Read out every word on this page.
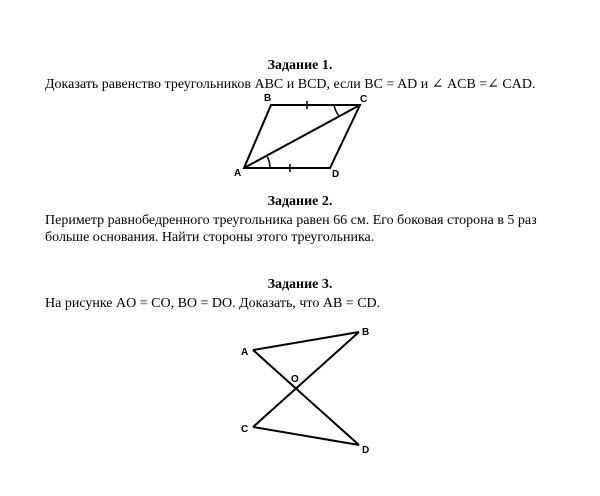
Задание 1.
Доказать равенство треугольников ABC и BCD, если BC = AD и ∠ ACB =∠ CAD.
B	C
A	D
Задание 2.
Периметр равнобедренного треугольника равен 66 см. Его боковая сторона в 5 раз больше основания. Найти стороны этого треугольника.
Задание 3.
На рисунке AO = CO, BO = DO. Доказать, что AB = CD.
A
B
O
C
D
